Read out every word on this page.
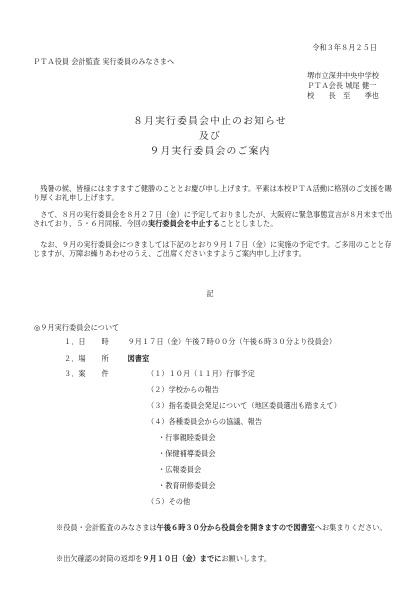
令和３年８月２５日
ＰＴＡ役員 会計監査 実行委員のみなさまへ
堺市立深井中央中学校
ＰＴＡ会長 城尾 健一
校　　長　至　　季也
８月実行委員会中止のお知らせ
及び
９月実行委員会のご案内

残暑の候、皆様にはますますご健勝のこととお慶び申し上げます。平素は本校ＰＴＡ活動に格別のご支援を賜り厚くお礼申し上げます。

さて、８月の実行委員会を８月２７日（金）に予定しておりましたが、大阪府に緊急事態宣言が８月末まで出されており、５・６月同様、今回の実行委員会を中止することとしました。

なお、９月の実行委員会につきましては下記のとおり９月１７日（金）に実施の予定です。ご多用のことと存じますが、万障お繰りあわせのうえ、ご出席くださいますようご案内申し上げます。

記
◎９月実行委員会について
１．日　　時　	９月１７日（金）午後７時００分（午後６時３０分より役員会）
２．場　　所　	図書室
３．案　　件	（１）１０月（１１月）行事予定
（２）学校からの報告
（３）指名委員会発足について（地区委員選出も踏まえて）
（４）各種委員会からの協議、報告
・行事親睦委員会
・保健補導委員会
・広報委員会
・教育研修委員会
（５）その他
※役員・会計監査のみなさまは午後６時３０分から役員会を開きますので図書室へお集まりください。
※出欠確認の封筒の返却を９月１０日（金）までにお願いします。
